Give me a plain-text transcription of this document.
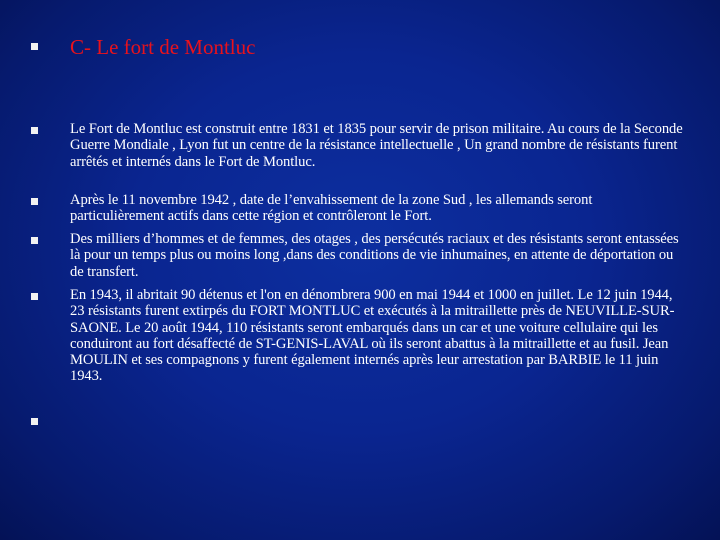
C- Le fort de Montluc
Le Fort de Montluc est construit entre 1831 et 1835 pour servir de prison militaire. Au cours de la Seconde Guerre Mondiale , Lyon fut un centre de la résistance intellectuelle , Un grand nombre de résistants furent arrêtés et internés dans le Fort de Montluc.
Après le 11 novembre 1942 , date de l’envahissement de la zone Sud , les allemands seront particulièrement actifs dans cette région et contrôleront le Fort.
Des milliers d’hommes et de femmes, des otages , des persécutés raciaux et des résistants seront entassées là pour un temps plus ou moins long ,dans des conditions de vie inhumaines, en attente de déportation ou de transfert.
En 1943, il abritait 90 détenus et l'on en dénombrera 900 en mai 1944 et 1000 en juillet. Le 12 juin 1944, 23 résistants furent extirpés du FORT MONTLUC et exécutés à la mitraillette près de NEUVILLE-SUR-SAONE. Le 20 août 1944, 110 résistants seront embarqués dans un car et une voiture cellulaire qui les conduiront au fort désaffecté de ST-GENIS-LAVAL où ils seront abattus à la mitraillette et au fusil. Jean MOULIN et ses compagnons y furent également internés après leur arrestation par BARBIE le 11 juin 1943.
